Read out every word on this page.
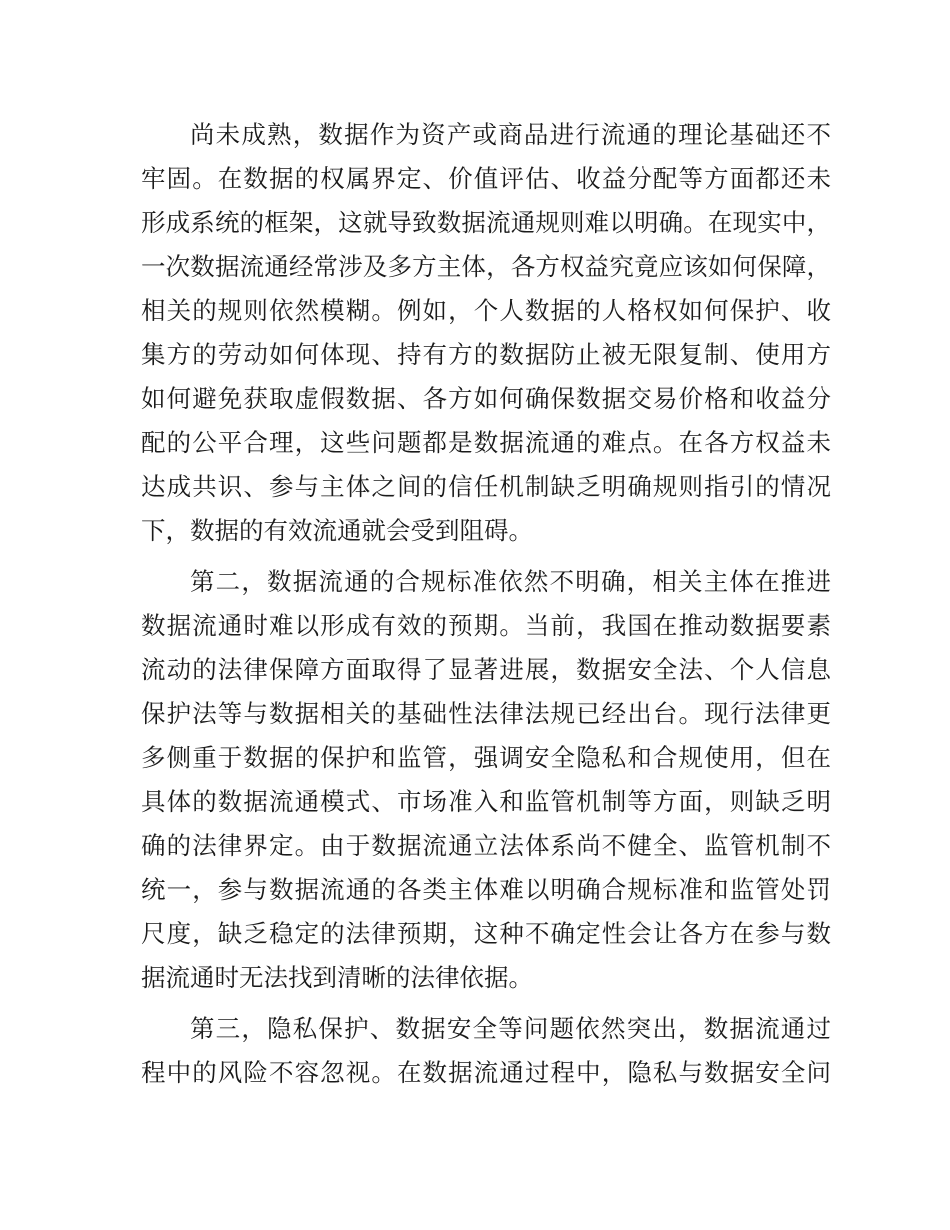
尚未成熟，数据作为资产或商品进行流通的理论基础还不
牢固。在数据的权属界定、价值评估、收益分配等方面都还未
形成系统的框架，这就导致数据流通规则难以明确。在现实中，
一次数据流通经常涉及多方主体，各方权益究竟应该如何保障，
相关的规则依然模糊。例如，个人数据的人格权如何保护、收
集方的劳动如何体现、持有方的数据防止被无限复制、使用方
如何避免获取虚假数据、各方如何确保数据交易价格和收益分
配的公平合理，这些问题都是数据流通的难点。在各方权益未
达成共识、参与主体之间的信任机制缺乏明确规则指引的情况
下，数据的有效流通就会受到阻碍。
第二，数据流通的合规标准依然不明确，相关主体在推进
数据流通时难以形成有效的预期。当前，我国在推动数据要素
流动的法律保障方面取得了显著进展，数据安全法、个人信息
保护法等与数据相关的基础性法律法规已经出台。现行法律更
多侧重于数据的保护和监管，强调安全隐私和合规使用，但在
具体的数据流通模式、市场准入和监管机制等方面，则缺乏明
确的法律界定。由于数据流通立法体系尚不健全、监管机制不
统一，参与数据流通的各类主体难以明确合规标准和监管处罚
尺度，缺乏稳定的法律预期，这种不确定性会让各方在参与数
据流通时无法找到清晰的法律依据。
第三，隐私保护、数据安全等问题依然突出，数据流通过
程中的风险不容忽视。在数据流通过程中，隐私与数据安全问
